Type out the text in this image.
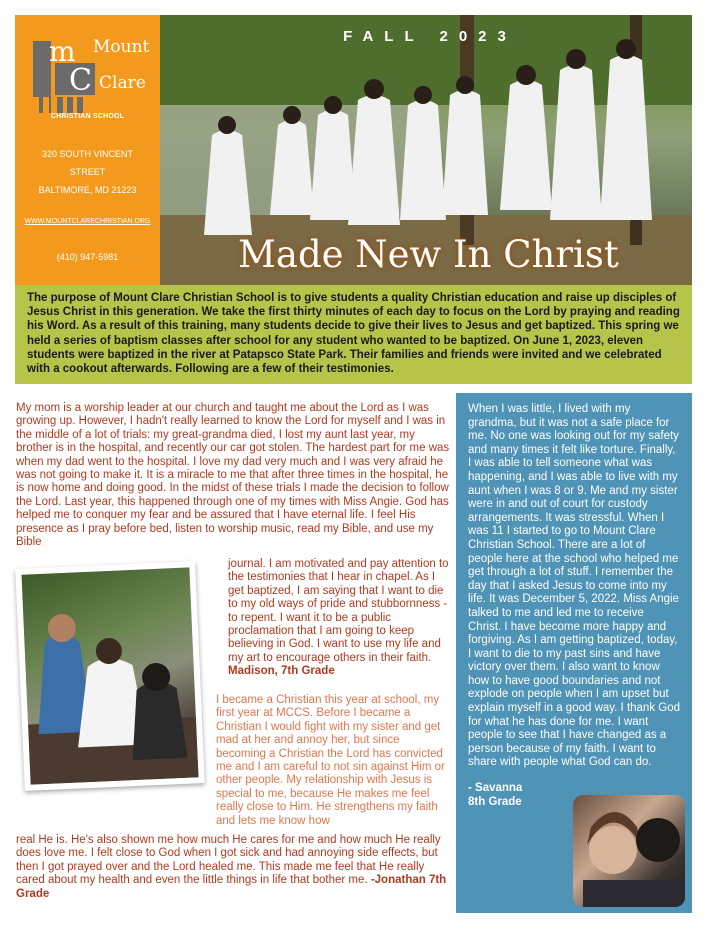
m Mount
C Clare
CHRISTIAN SCHOOL
320 SOUTH VINCENT
STREET
BALTIMORE, MD 21223
WWW.MOUNTCLARECHRISTIAN.ORG
(410) 947-5981
FALL 2023
Made New In Christ
The purpose of Mount Clare Christian School is to give students a quality Christian education and raise up disciples of Jesus Christ in this generation. We take the first thirty minutes of each day to focus on the Lord by praying and reading his Word. As a result of this training, many students decide to give their lives to Jesus and get baptized. This spring we held a series of baptism classes after school for any student who wanted to be baptized. On June 1, 2023, eleven students were baptized in the river at Patapsco State Park. Their families and friends were invited and we celebrated with a cookout afterwards. Following are a few of their testimonies.
My mom is a worship leader at our church and taught me about the Lord as I was growing up. However, I hadn't really learned to know the Lord for myself and I was in the middle of a lot of trials: my great-grandma died, I lost my aunt last year, my brother is in the hospital, and recently our car got stolen. The hardest part for me was when my dad went to the hospital. I love my dad very much and I was very afraid he was not going to make it. It is a miracle to me that after three times in the hospital, he is now home and doing good. In the midst of these trials I made the decision to follow the Lord. Last year, this happened through one of my times with Miss Angie. God has helped me to conquer my fear and be assured that I have eternal life. I feel His presence as I pray before bed, listen to worship music, read my Bible, and use my Bible
journal. I am motivated and pay attention to the testimonies that I hear in chapel. As I get baptized, I am saying that I want to die to my old ways of pride and stubbornness - to repent. I want it to be a public proclamation that I am going to keep believing in God. I want to use my life and my art to encourage others in their faith. Madison, 7th Grade
I became a Christian this year at school, my first year at MCCS. Before I became a Christian I would fight with my sister and get mad at her and annoy her, but since becoming a Christian the Lord has convicted me and I am careful to not sin against Him or other people. My relationship with Jesus is special to me, because He makes me feel really close to Him. He strengthens my faith and lets me know how
real He is. He's also shown me how much He cares for me and how much He really does love me. I felt close to God when I got sick and had annoying side effects, but then I got prayed over and the Lord healed me. This made me feel that He really cared about my health and even the little things in life that bother me. -Jonathan 7th Grade
When I was little, I lived with my grandma, but it was not a safe place for me. No one was looking out for my safety and many times it felt like torture. Finally, I was able to tell someone what was happening, and I was able to live with my aunt when I was 8 or 9. Me and my sister were in and out of court for custody arrangements. It was stressful. When I was 11 I started to go to Mount Clare Christian School. There are a lot of people here at the school who helped me get through a lot of stuff. I remember the day that I asked Jesus to come into my life. It was December 5, 2022. Miss Angie talked to me and led me to receive Christ. I have become more happy and forgiving. As I am getting baptized, today, I want to die to my past sins and have victory over them. I also want to know how to have good boundaries and not explode on people when I am upset but explain myself in a good way. I thank God for what he has done for me. I want people to see that I have changed as a person because of my faith. I want to share with people what God can do.
- Savanna
8th Grade
